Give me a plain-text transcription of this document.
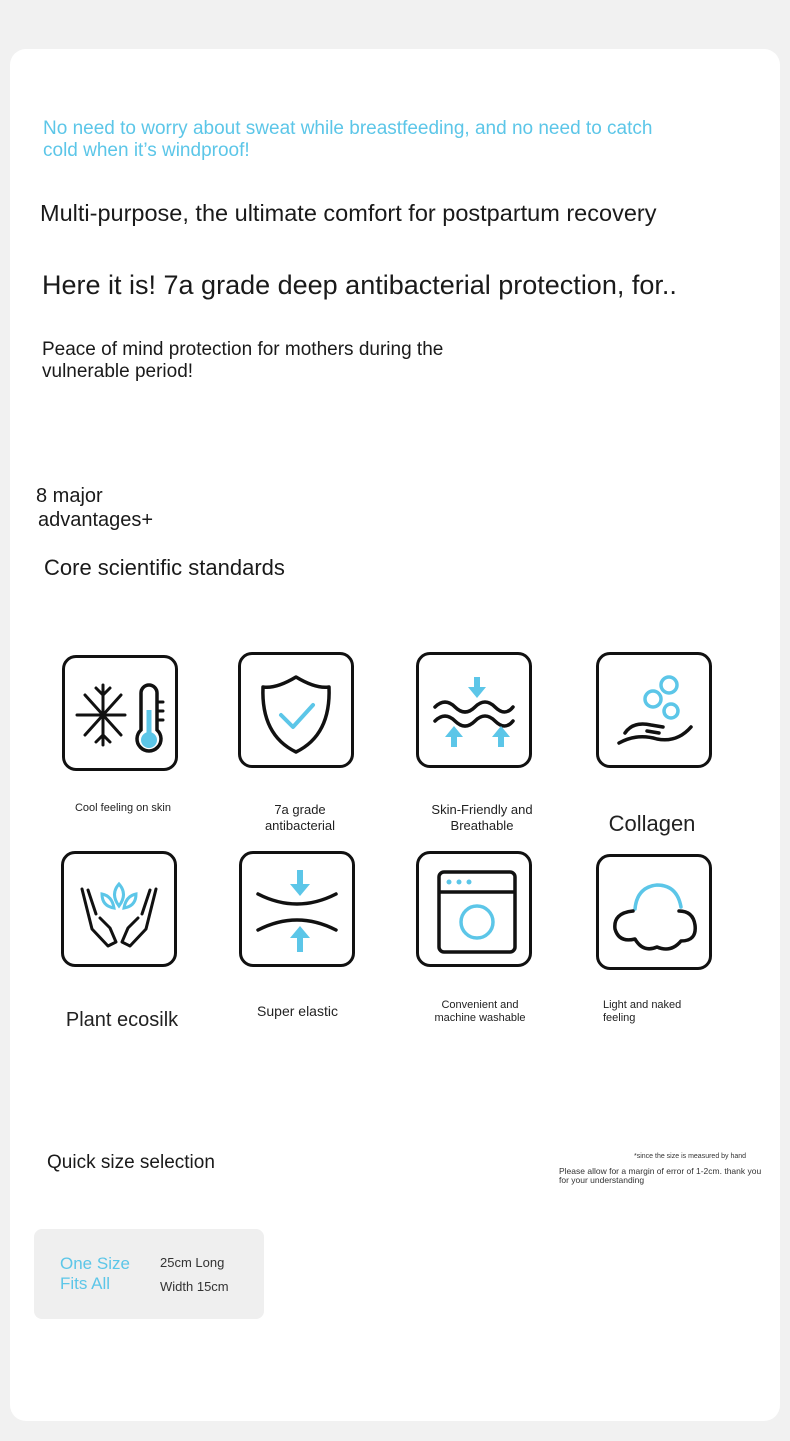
No need to worry about sweat while breastfeeding, and no need to catch cold when it’s windproof!

Multi-purpose, the ultimate comfort for postpartum recovery

Here it is! 7a grade deep antibacterial protection, for..

Peace of mind protection for mothers during the vulnerable period!

8 major

advantages+

Core scientific standards

Cool feeling on skin	7a grade antibacterial

Skin-Friendly and Breathable	Collagen

Plant ecosilk	Super elastic	Convenient and machine washable

Light and naked feeling

Quick size selection	*since the size is measured by hand

Please allow for a margin of error of 1-2cm. thank you for your understanding

One Size Fits All

25cm Long

Width 15cm
